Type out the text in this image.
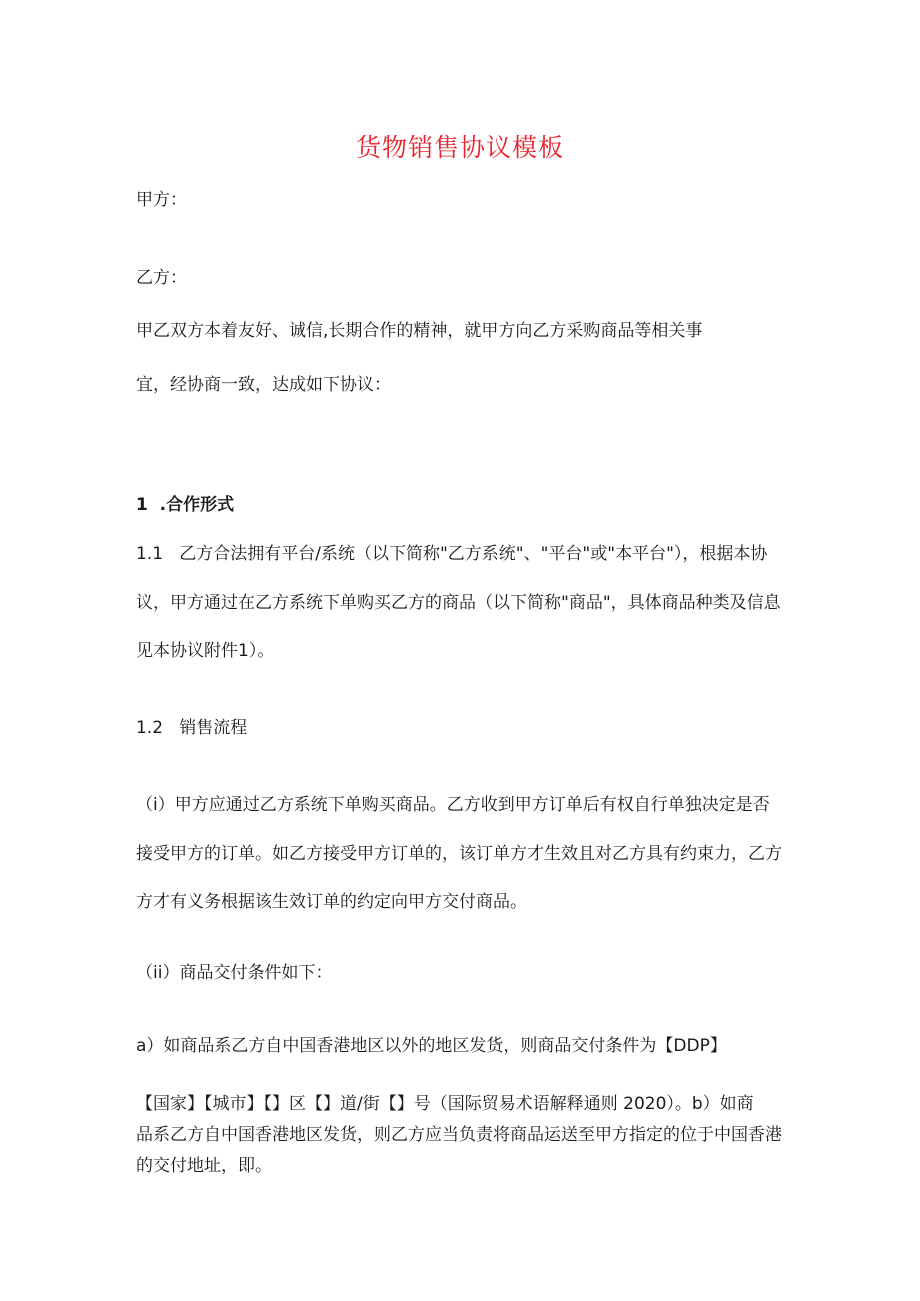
货物销售协议模板
甲方：
乙方：
甲乙双方本着友好、诚信,长期合作的精神，就甲方向乙方采购商品等相关事
宜，经协商一致，达成如下协议：
1  .合作形式
1.1   乙方合法拥有平台/系统（以下简称"乙方系统"、"平台"或"本平台"），根据本协
议，甲方通过在乙方系统下单购买乙方的商品（以下简称"商品"，具体商品种类及信息
见本协议附件1）。
1.2   销售流程
（i）甲方应通过乙方系统下单购买商品。乙方收到甲方订单后有权自行单独决定是否
接受甲方的订单。如乙方接受甲方订单的，该订单方才生效且对乙方具有约束力，乙方
方才有义务根据该生效订单的约定向甲方交付商品。
（ii）商品交付条件如下：
a）如商品系乙方自中国香港地区以外的地区发货，则商品交付条件为【DDP】
【国家】【城市】【】区【】道/街【】号（国际贸易术语解释通则 2020）。b）如商
品系乙方自中国香港地区发货，则乙方应当负责将商品运送至甲方指定的位于中国香港
的交付地址，即。
